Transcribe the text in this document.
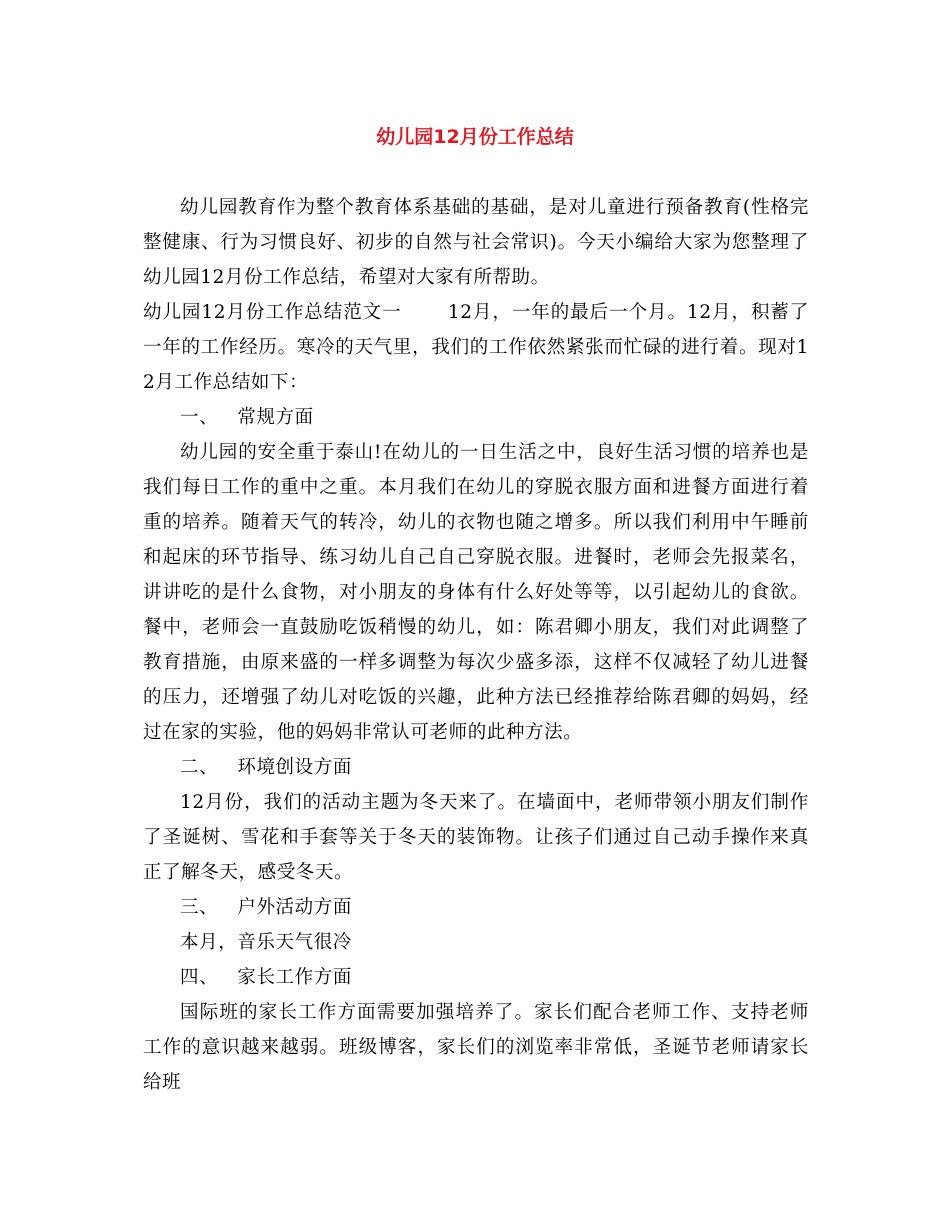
幼儿园12月份工作总结

幼儿园教育作为整个教育体系基础的基础，是对儿童进行预备教育(性格完整健康、行为习惯良好、初步的自然与社会常识)。今天小编给大家为您整理了幼儿园12月份工作总结，希望对大家有所帮助。

幼儿园12月份工作总结范文一	12月，一年的最后一个月。12月，积蓄了一年的工作经历。寒冷的天气里，我们的工作依然紧张而忙碌的进行着。现对12月工作总结如下：

一、 常规方面

幼儿园的安全重于泰山!在幼儿的一日生活之中，良好生活习惯的培养也是我们每日工作的重中之重。本月我们在幼儿的穿脱衣服方面和进餐方面进行着重的培养。随着天气的转冷，幼儿的衣物也随之增多。所以我们利用中午睡前和起床的环节指导、练习幼儿自己自己穿脱衣服。进餐时，老师会先报菜名，讲讲吃的是什么食物，对小朋友的身体有什么好处等等，以引起幼儿的食欲。餐中，老师会一直鼓励吃饭稍慢的幼儿，如：陈君卿小朋友，我们对此调整了教育措施，由原来盛的一样多调整为每次少盛多添，这样不仅减轻了幼儿进餐的压力，还增强了幼儿对吃饭的兴趣，此种方法已经推荐给陈君卿的妈妈，经过在家的实验，他的妈妈非常认可老师的此种方法。

二、 环境创设方面

12月份，我们的活动主题为冬天来了。在墙面中，老师带领小朋友们制作了圣诞树、雪花和手套等关于冬天的装饰物。让孩子们通过自己动手操作来真正了解冬天，感受冬天。

三、 户外活动方面

本月，音乐天气很冷

四、 家长工作方面

国际班的家长工作方面需要加强培养了。家长们配合老师工作、支持老师工作的意识越来越弱。班级博客，家长们的浏览率非常低，圣诞节老师请家长给班
